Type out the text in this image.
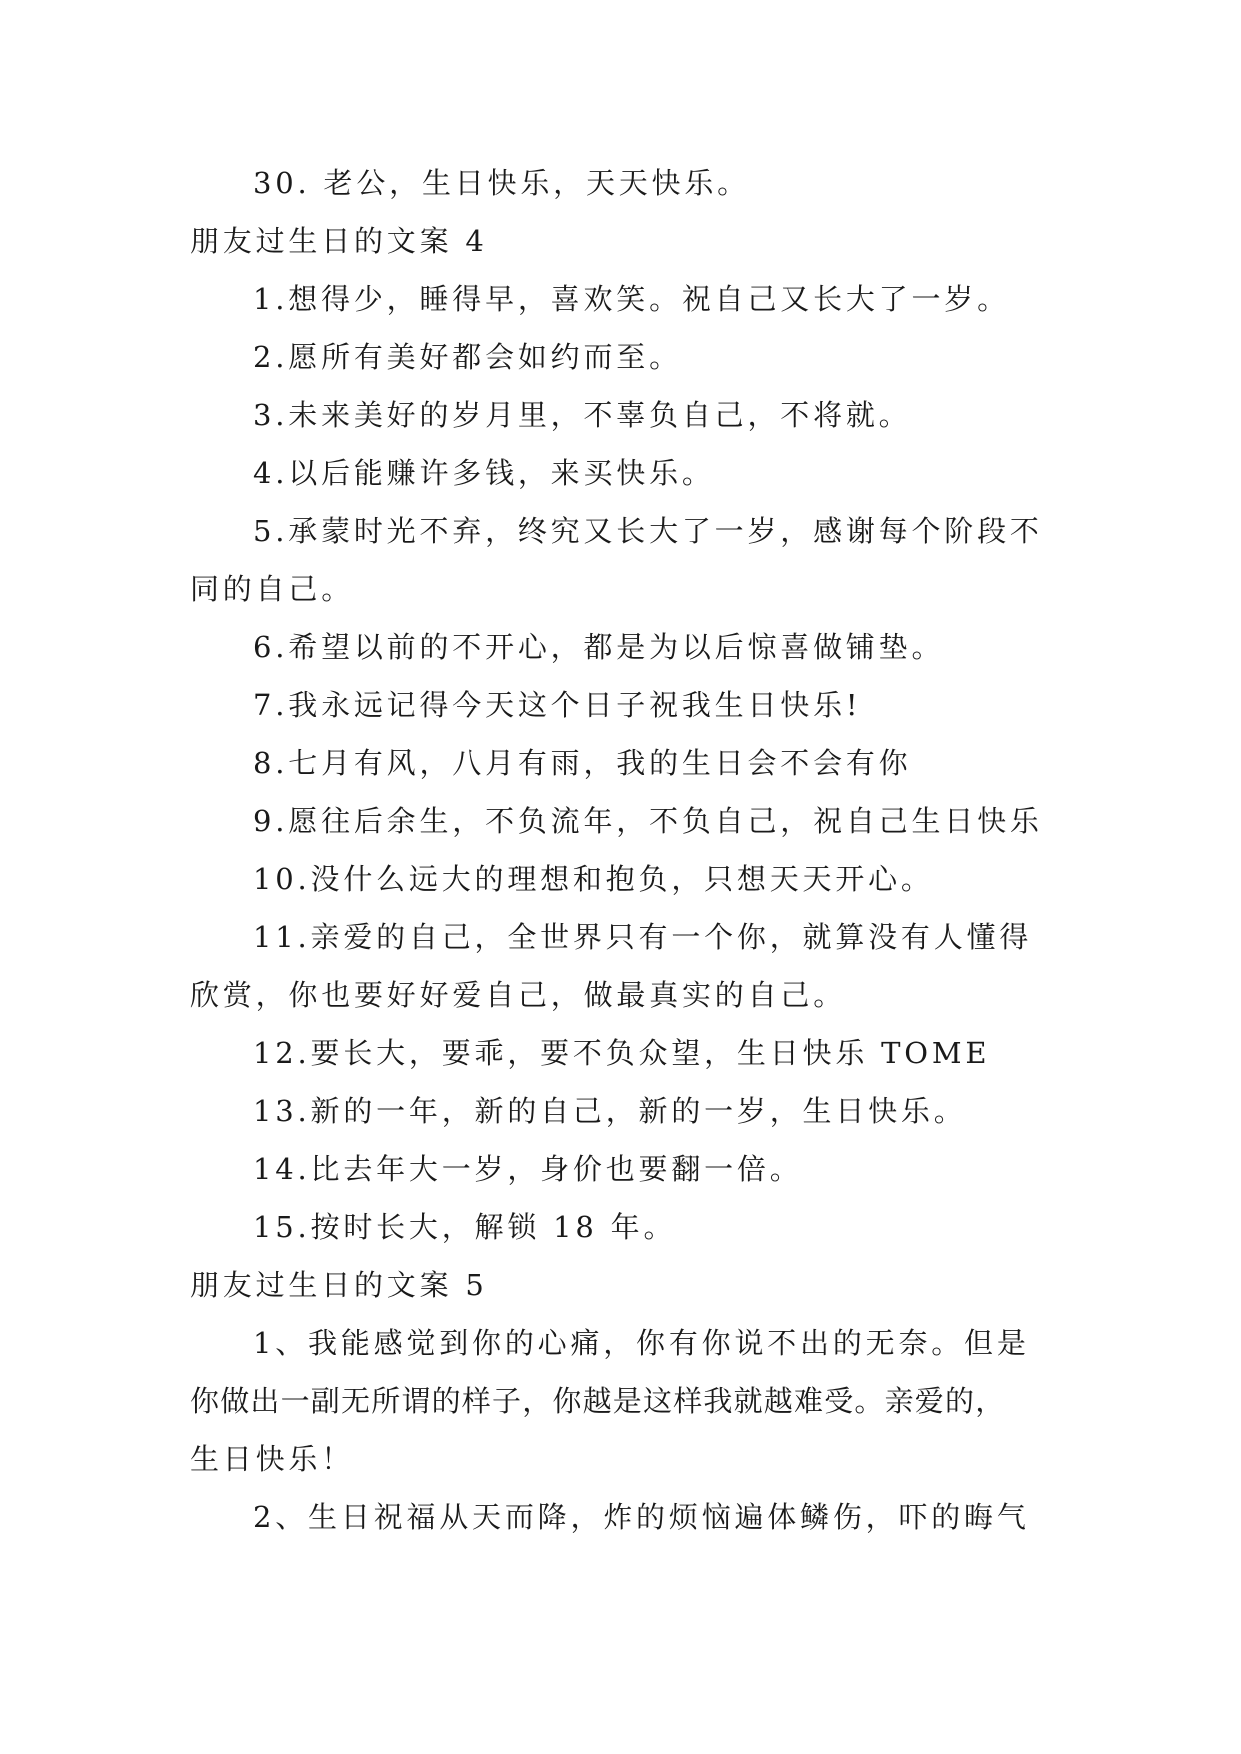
30. 老公，生日快乐，天天快乐。
朋友过生日的文案 4
1.想得少，睡得早，喜欢笑。祝自己又长大了一岁。
2.愿所有美好都会如约而至。
3.未来美好的岁月里，不辜负自己，不将就。
4.以后能赚许多钱，来买快乐。
5.承蒙时光不弃，终究又长大了一岁，感谢每个阶段不
同的自己。
6.希望以前的不开心，都是为以后惊喜做铺垫。
7.我永远记得今天这个日子祝我生日快乐!
8.七月有风，八月有雨，我的生日会不会有你
9.愿往后余生，不负流年，不负自己，祝自己生日快乐
10.没什么远大的理想和抱负，只想天天开心。
11.亲爱的自己，全世界只有一个你，就算没有人懂得
欣赏，你也要好好爱自己，做最真实的自己。
12.要长大，要乖，要不负众望，生日快乐 TOME
13.新的一年，新的自己，新的一岁，生日快乐。
14.比去年大一岁，身价也要翻一倍。
15.按时长大，解锁 18 年。
朋友过生日的文案 5
1、我能感觉到你的心痛，你有你说不出的无奈。但是
你做出一副无所谓的样子，你越是这样我就越难受。亲爱的，
生日快乐！
2、生日祝福从天而降，炸的烦恼遍体鳞伤，吓的晦气
